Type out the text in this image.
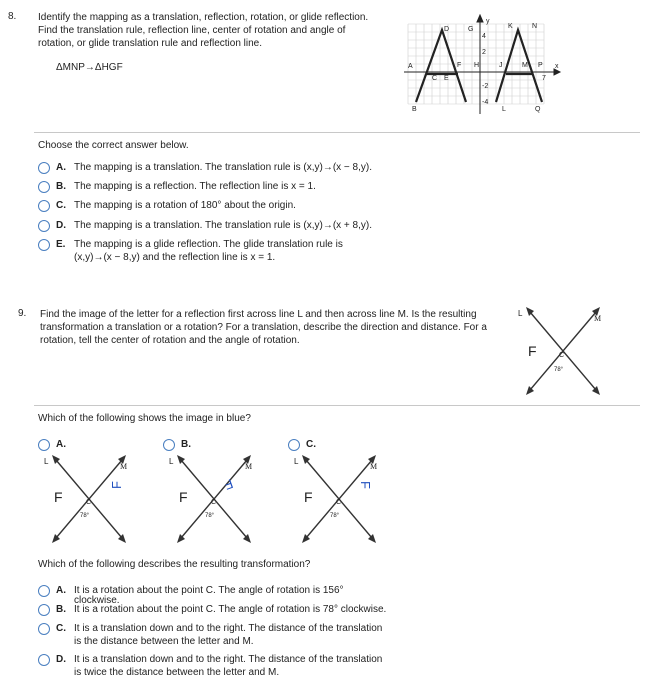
8. Identify the mapping as a translation, reflection, rotation, or glide reflection. Find the translation rule, reflection line, center of rotation and angle of rotation, or glide translation rule and reflection line.
ΔMNP→ΔHGF
y
x
4
2
-2
-4
7
A
B
C
D
E
F
G
H	J
K
L
M
N
P
Q
Choose the correct answer below.
A. The mapping is a translation. The translation rule is (x,y)→(x − 8,y).
B. The mapping is a reflection. The reflection line is x = 1.
C. The mapping is a rotation of 180° about the origin.
D. The mapping is a translation. The translation rule is (x,y)→(x + 8,y).
E. The mapping is a glide reflection. The glide translation rule is
(x,y)→(x − 8,y) and the reflection line is x = 1.
9. Find the image of the letter for a reflection first across line L and then across line M. Is the resulting transformation a translation or a rotation? For a translation, describe the direction and distance. For a rotation, tell the center of rotation and the angle of rotation.
L
M
F	C
78°
Which of the following shows the image in blue?
A.
L
M
F	C
78°
F
B.
L
M
F	C
78°
F
C.
L
M
F	C
78°
F
Which of the following describes the resulting transformation?
A. It is a rotation about the point C. The angle of rotation is 156°
clockwise.
B. It is a rotation about the point C. The angle of rotation is 78° clockwise.
C. It is a translation down and to the right. The distance of the translation
is the distance between the letter and M.
D. It is a translation down and to the right. The distance of the translation
is twice the distance between the letter and M.
